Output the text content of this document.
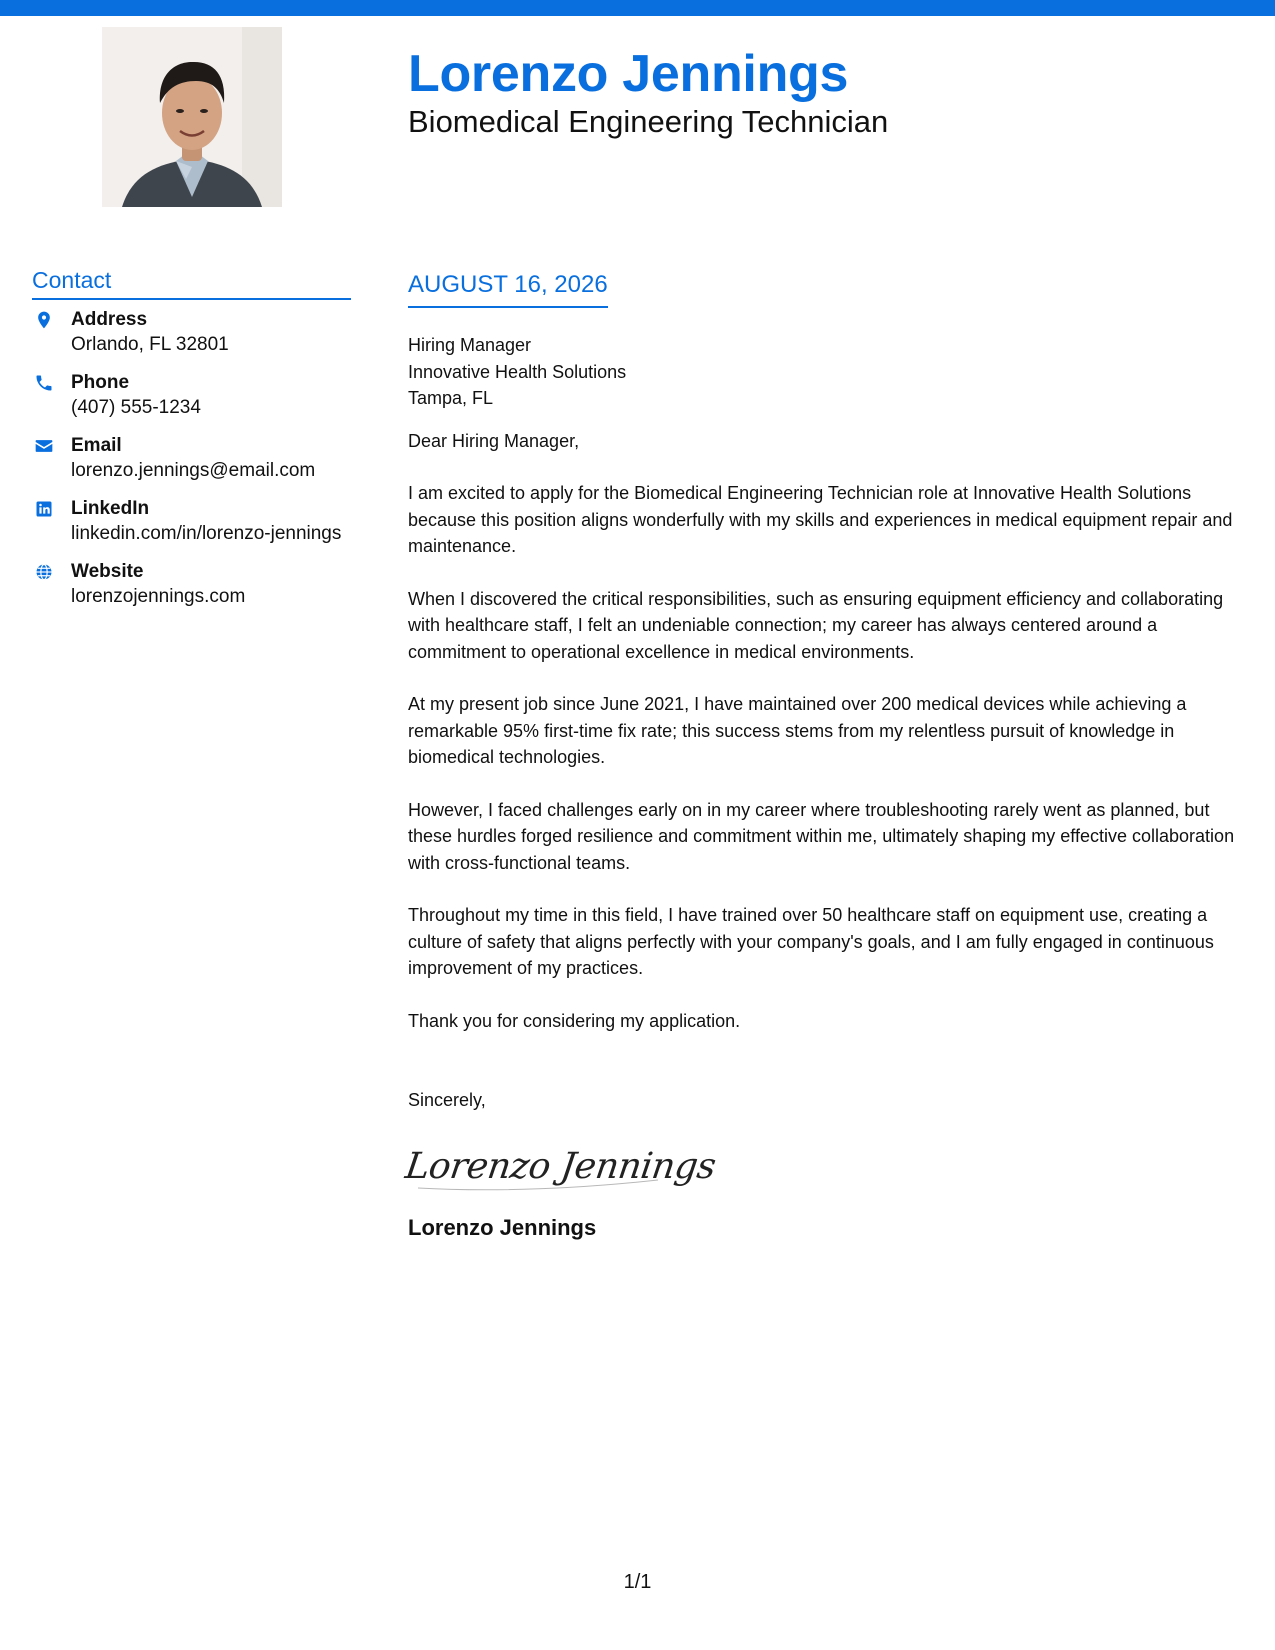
Lorenzo Jennings
Biomedical Engineering Technician
Contact
Address
Orlando, FL 32801
Phone
(407) 555-1234
Email
lorenzo.jennings@email.com
LinkedIn
linkedin.com/in/lorenzo-jennings
Website
lorenzojennings.com
AUGUST 16, 2026
Hiring Manager
Innovative Health Solutions
Tampa, FL
Dear Hiring Manager,

I am excited to apply for the Biomedical Engineering Technician role at Innovative Health Solutions because this position aligns wonderfully with my skills and experiences in medical equipment repair and maintenance.

When I discovered the critical responsibilities, such as ensuring equipment efficiency and collaborating with healthcare staff, I felt an undeniable connection; my career has always centered around a commitment to operational excellence in medical environments.

At my present job since June 2021, I have maintained over 200 medical devices while achieving a remarkable 95% first-time fix rate; this success stems from my relentless pursuit of knowledge in biomedical technologies.

However, I faced challenges early on in my career where troubleshooting rarely went as planned, but these hurdles forged resilience and commitment within me, ultimately shaping my effective collaboration with cross-functional teams.

Throughout my time in this field, I have trained over 50 healthcare staff on equipment use, creating a culture of safety that aligns perfectly with your company's goals, and I am fully engaged in continuous improvement of my practices.

Thank you for considering my application.

Sincerely,
Lorenzo Jennings
Lorenzo Jennings
1/1
